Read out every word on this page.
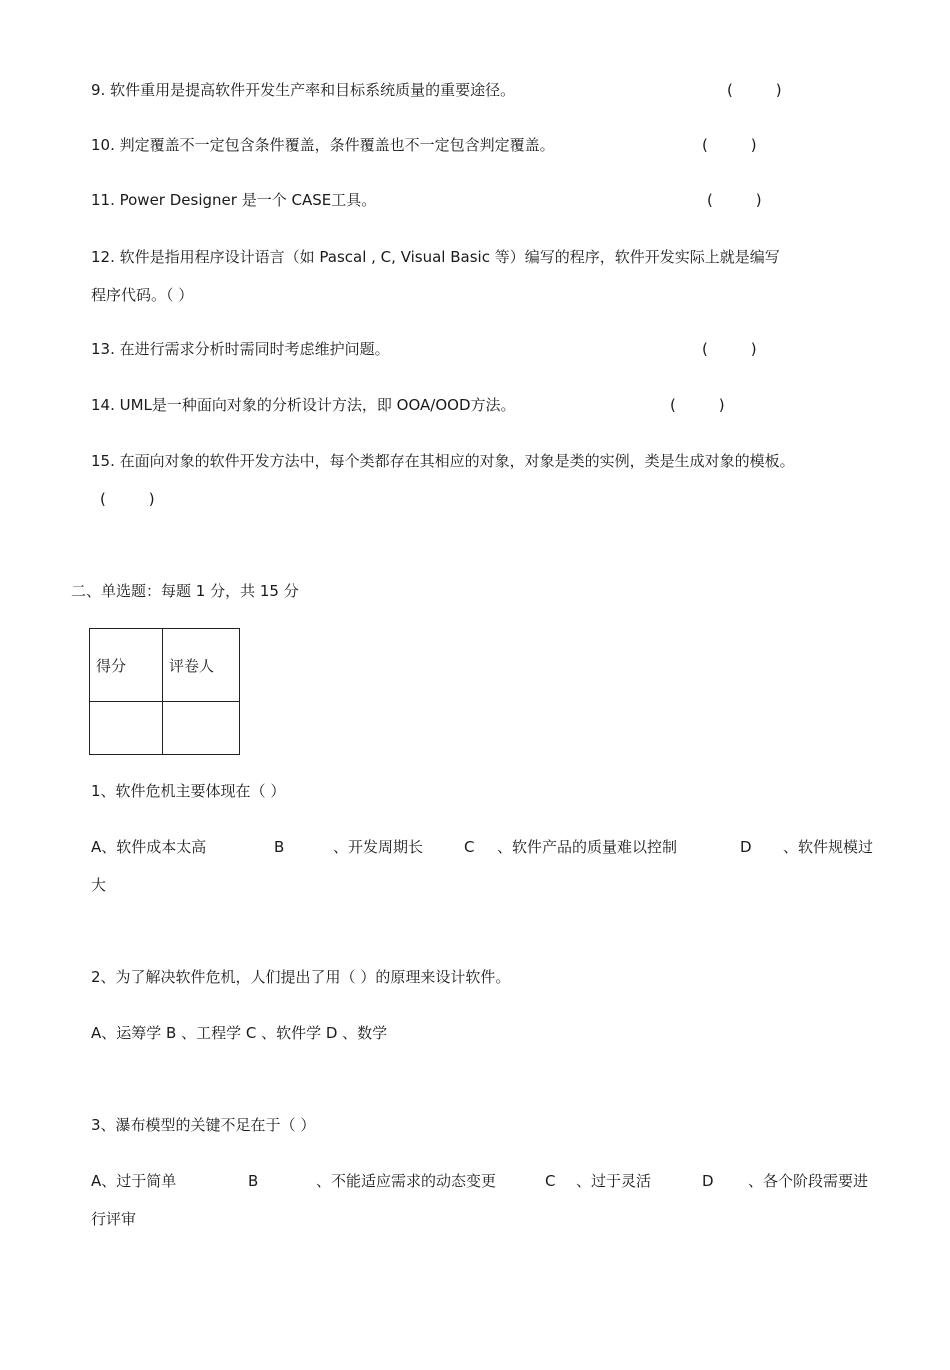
9. 软件重用是提高软件开发生产率和目标系统质量的重要途径。	(         )
10. 判定覆盖不一定包含条件覆盖，条件覆盖也不一定包含判定覆盖。	(         )
11. Power Designer 是一个 CASE工具。	(         )
12. 软件是指用程序设计语言（如 Pascal , C, Visual Basic 等）编写的程序，软件开发实际上就是编写
程序代码。（ ）
13. 在进行需求分析时需同时考虑维护问题。	(         )
14. UML是一种面向对象的分析设计方法，即 OOA/OOD方法。	(         )
15. 在面向对象的软件开发方法中，每个类都存在其相应的对象，对象是类的实例，类是生成对象的模板。
(         )
二、单选题：每题 1 分，共 15 分
得分	评卷人

1、软件危机主要体现在（ ）
A、软件成本太高	B	、开发周期长	C 、软件产品的质量难以控制	D 、软件规模过
大
2、为了解决软件危机，人们提出了用（ ）的原理来设计软件。
A、运筹学 B 、工程学 C 、软件学 D 、数学
3、瀑布模型的关键不足在于（ ）
A、过于简单	B	、不能适应需求的动态变更	C 、过于灵活	D 、各个阶段需要进
行评审
